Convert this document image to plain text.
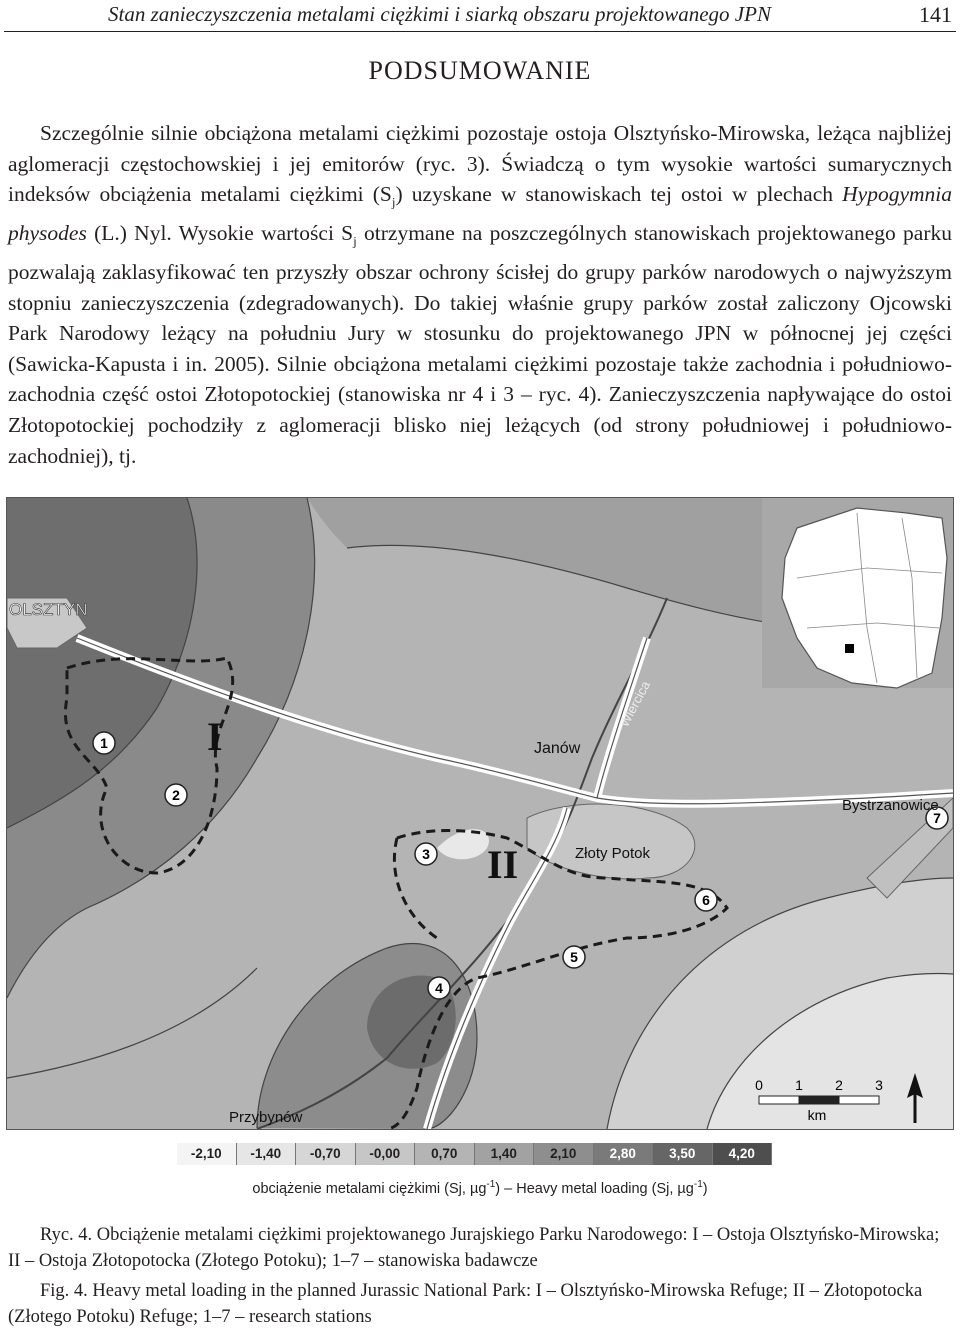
Stan zanieczyszczenia metalami ciężkimi i siarką obszaru projektowanego JPN	141
PODSUMOWANIE

Szczególnie silnie obciążona metalami ciężkimi pozostaje ostoja Olsztyńsko-Mirowska, leżąca najbliżej aglomeracji częstochowskiej i jej emitorów (ryc. 3). Świadczą o tym wysokie wartości sumarycznych indeksów obciążenia metalami ciężkimi $(S_j)$ uzyskane w stanowiskach tej ostoi w plechach Hypogymnia physodes (L.) Nyl. Wysokie wartości $S_j$ otrzymane na poszczególnych stanowiskach projektowanego parku pozwalają zaklasyfikować ten przyszły obszar ochrony ścisłej do grupy parków narodowych o najwyższym stopniu zanieczyszczenia (zdegradowanych). Do takiej właśnie grupy parków został zaliczony Ojcowski Park Narodowy leżący na południu Jury w stosunku do projektowanego JPN w północnej jej części (Sawicka-Kapusta i in. 2005). Silnie obciążona metalami ciężkimi pozostaje także zachodnia i południowo-zachodnia część ostoi Złotopotockiej (stanowiska nr 4 i 3 – ryc. 4). Zanieczyszczenia napływające do ostoi Złotopotockiej pochodziły z aglomeracji blisko niej leżących (od strony południowej i południowo-zachodniej), tj.

1
2
3
4
5
6
7
OLSZTYN
Janów
Złoty Potok
Bystrzanowice
Przybynów
Wiercica
I
II
0 1 2 3
km
-2,10	-1,40	-0,70	-0,00	0,70	1,40	2,10	2,80	3,50	4,20
obciążenie metalami ciężkimi (Sj, µg$^{-1}$) – Heavy metal loading (Sj, µg$^{-1}$)
Ryc. 4. Obciążenie metalami ciężkimi projektowanego Jurajskiego Parku Narodowego: I – Ostoja Olsztyńsko-Mirowska; II – Ostoja Złotopotocka (Złotego Potoku); 1–7 – stanowiska badawcze
Fig. 4. Heavy metal loading in the planned Jurassic National Park: I – Olsztyńsko-Mirowska Refuge; II – Złotopotocka (Złotego Potoku) Refuge; 1–7 – research stations
